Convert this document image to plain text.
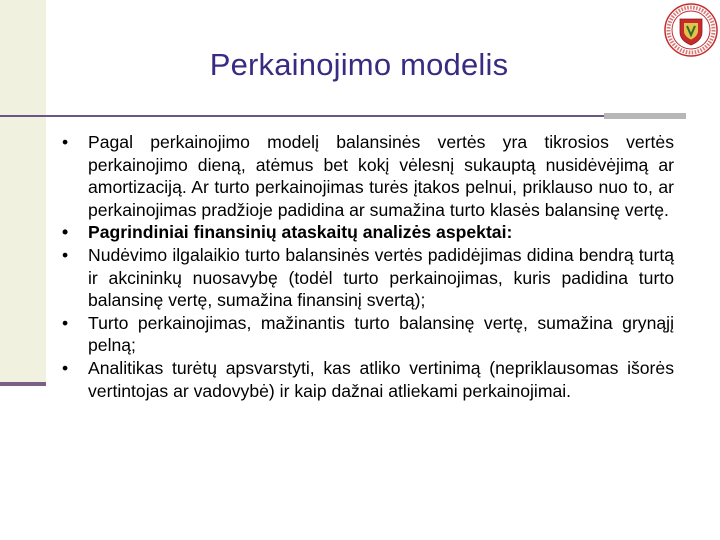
Perkainojimo modelis
• Pagal perkainojimo modelį balansinės vertės yra tikrosios vertės perkainojimo dieną, atėmus bet kokį vėlesnį sukauptą nusidėvėjimą ar amortizaciją. Ar turto perkainojimas turės įtakos pelnui, priklauso nuo to, ar perkainojimas pradžioje padidina ar sumažina turto klasės balansinę vertę.
• Pagrindiniai finansinių ataskaitų analizės aspektai:
• Nudėvimo ilgalaikio turto balansinės vertės padidėjimas didina bendrą turtą ir akcininkų nuosavybę (todėl turto perkainojimas, kuris padidina turto balansinę vertę, sumažina finansinį svertą);
• Turto perkainojimas, mažinantis turto balansinę vertę, sumažina grynąjį pelną;
• Analitikas turėtų apsvarstyti, kas atliko vertinimą (nepriklausomas išorės vertintojas ar vadovybė) ir kaip dažnai atliekami perkainojimai.
